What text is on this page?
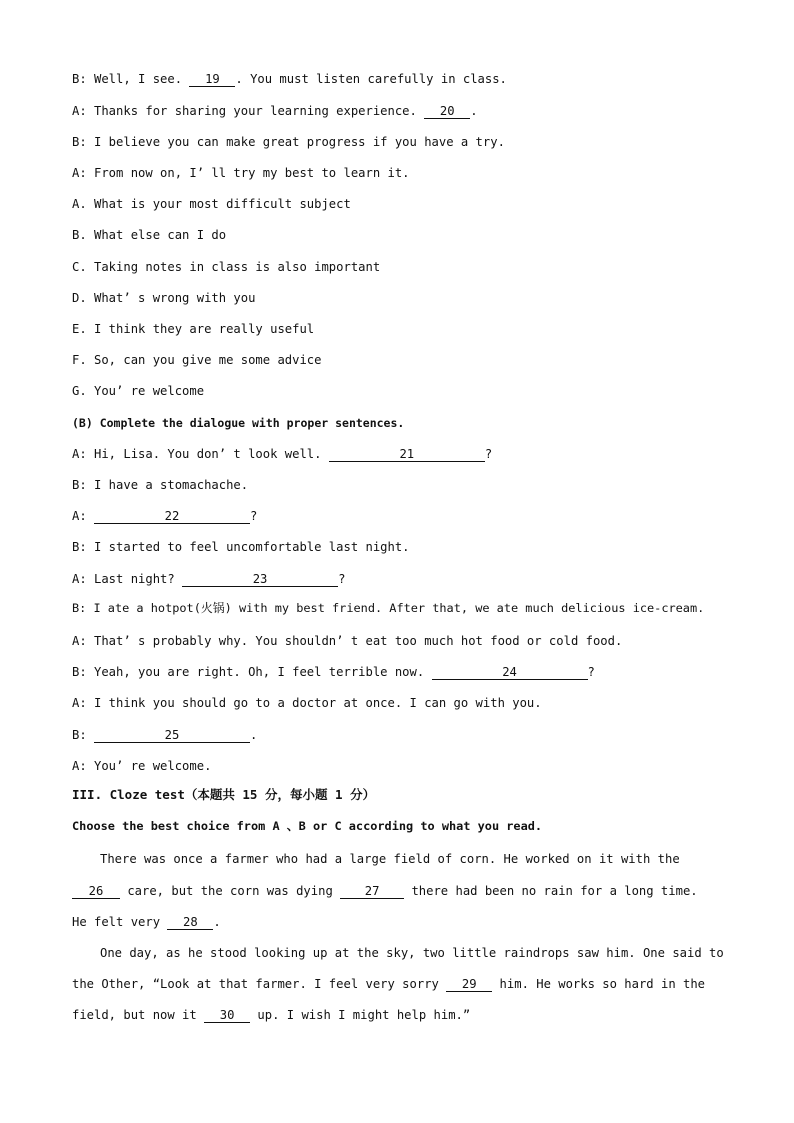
B: Well, I see. 19 . You must listen carefully in class.
A: Thanks for sharing your learning experience. 20 .
B: I believe you can make great progress if you have a try.
A: From now on, I’ ll try my best to learn it.
A. What is your most difficult subject
B. What else can I do
C. Taking notes in class is also important
D. What’ s wrong with you
E. I think they are really useful
F. So, can you give me some advice
G. You’ re welcome
(B) Complete the dialogue with proper sentences.
A: Hi, Lisa. You don’ t look well.	21	?
B: I have a stomachache.
A:	22	?
B: I started to feel uncomfortable last night.
A: Last night?	23	?
B: I ate a hotpot(火锅) with my best friend. After that, we ate much delicious ice-cream.
A: That’ s probably why. You shouldn’ t eat too much hot food or cold food.
B: Yeah, you are right. Oh, I feel terrible now.	24	?
A: I think you should go to a doctor at once. I can go with you.
B:	25	.
A: You’ re welcome.
III. Cloze test（本题共 15 分，每小题 1 分）
Choose the best choice from A 、B or C according to what you read.
There was once a farmer who had a large field of corn. He worked on it with the
26 care, but the corn was dying 27 there had been no rain for a long time.
He felt very 28 .
One day, as he stood looking up at the sky, two little raindrops saw him. One said to
the Other, “Look at that farmer. I feel very sorry 29 him. He works so hard in the
field, but now it 30 up. I wish I might help him.”
